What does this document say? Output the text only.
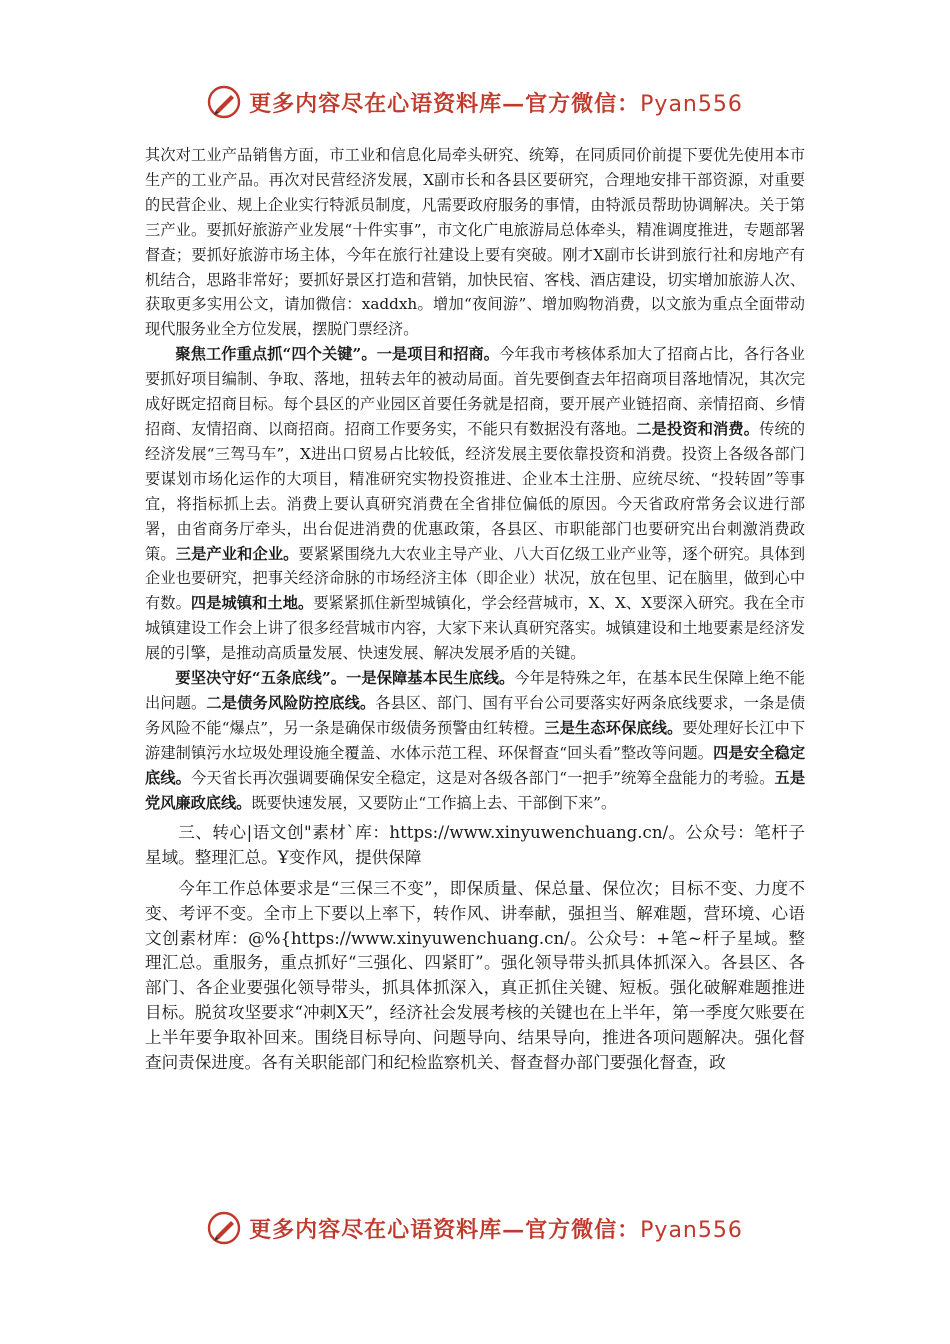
更多内容尽在心语资料库—官方微信：Pyan556

其次对工业产品销售方面，市工业和信息化局牵头研究、统筹，在同质同价前提下要优先使用本市生产的工业产品。再次对民营经济发展，X副市长和各县区要研究，合理地安排干部资源，对重要的民营企业、规上企业实行特派员制度，凡需要政府服务的事情，由特派员帮助协调解决。关于第三产业。要抓好旅游产业发展“十件实事”，市文化广电旅游局总体牵头，精准调度推进，专题部署督查；要抓好旅游市场主体，今年在旅行社建设上要有突破。刚才X副市长讲到旅行社和房地产有机结合，思路非常好；要抓好景区打造和营销，加快民宿、客栈、酒店建设，切实增加旅游人次、获取更多实用公文，请加微信：xaddxh。增加“夜间游”、增加购物消费，以文旅为重点全面带动现代服务业全方位发展，摆脱门票经济。

聚焦工作重点抓“四个关键”。一是项目和招商。今年我市考核体系加大了招商占比，各行各业要抓好项目编制、争取、落地，扭转去年的被动局面。首先要倒查去年招商项目落地情况，其次完成好既定招商目标。每个县区的产业园区首要任务就是招商，要开展产业链招商、亲情招商、乡情招商、友情招商、以商招商。招商工作要务实，不能只有数据没有落地。二是投资和消费。传统的经济发展“三驾马车”，X进出口贸易占比较低，经济发展主要依靠投资和消费。投资上各级各部门要谋划市场化运作的大项目，精准研究实物投资推进、企业本土注册、应统尽统、“投转固”等事宜，将指标抓上去。消费上要认真研究消费在全省排位偏低的原因。今天省政府常务会议进行部署，由省商务厅牵头，出台促进消费的优惠政策，各县区、市职能部门也要研究出台刺激消费政策。三是产业和企业。要紧紧围绕九大农业主导产业、八大百亿级工业产业等，逐个研究。具体到企业也要研究，把事关经济命脉的市场经济主体（即企业）状况，放在包里、记在脑里，做到心中有数。四是城镇和土地。要紧紧抓住新型城镇化，学会经营城市，X、X、X要深入研究。我在全市城镇建设工作会上讲了很多经营城市内容，大家下来认真研究落实。城镇建设和土地要素是经济发展的引擎，是推动高质量发展、快速发展、解决发展矛盾的关键。

要坚决守好“五条底线”。一是保障基本民生底线。今年是特殊之年，在基本民生保障上绝不能出问题。二是债务风险防控底线。各县区、部门、国有平台公司要落实好两条底线要求，一条是债务风险不能“爆点”，另一条是确保市级债务预警由红转橙。三是生态环保底线。要处理好长江中下游建制镇污水垃圾处理设施全覆盖、水体示范工程、环保督查“回头看”整改等问题。四是安全稳定底线。今天省长再次强调要确保安全稳定，这是对各级各部门“一把手”统筹全盘能力的考验。五是党风廉政底线。既要快速发展，又要防止“工作搞上去、干部倒下来”。

三、转心|语文创"素材`库：https://www.xinyuwenchuang.cn/。公众号：笔杆子星域。整理汇总。Ұ变作风，提供保障

今年工作总体要求是“三保三不变”，即保质量、保总量、保位次；目标不变、力度不变、考评不变。全市上下要以上率下，转作风、讲奉献，强担当、解难题，营环境、心语文创素材库：@%{https://www.xinyuwenchuang.cn/。公众号：+笔~杆子星域。整理汇总。重服务，重点抓好“三强化、四紧盯”。强化领导带头抓具体抓深入。各县区、各部门、各企业要强化领导带头，抓具体抓深入，真正抓住关键、短板。强化破解难题推进目标。脱贫攻坚要求“冲刺X天”，经济社会发展考核的关键也在上半年，第一季度欠账要在上半年要争取补回来。围绕目标导向、问题导向、结果导向，推进各项问题解决。强化督查问责保进度。各有关职能部门和纪检监察机关、督查督办部门要强化督查，政

更多内容尽在心语资料库—官方微信：Pyan556
